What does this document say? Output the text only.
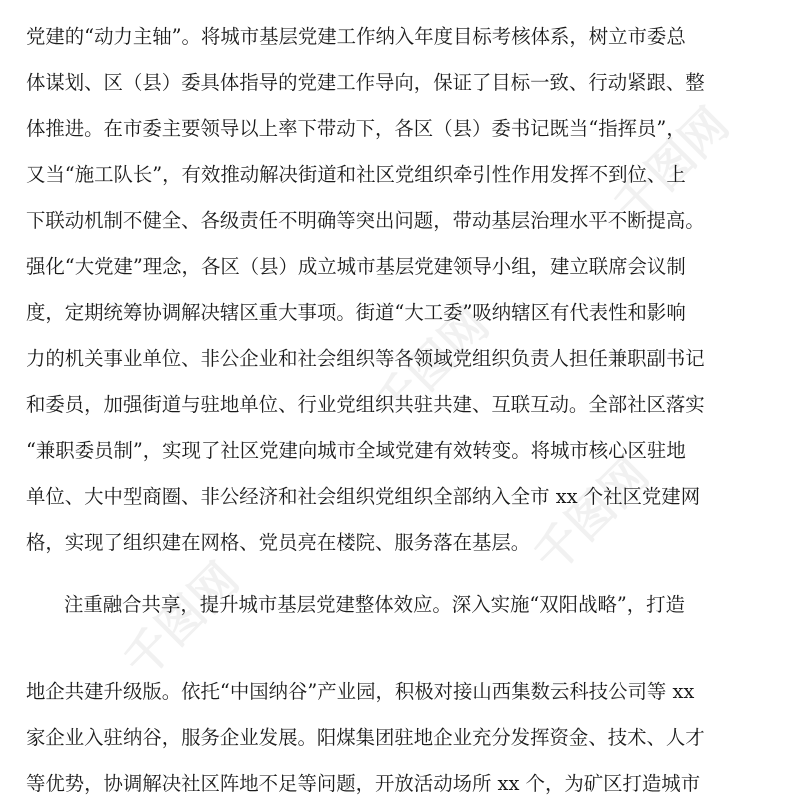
千图网
千图网
千图网
千图网
党建的“动力主轴”。将城市基层党建工作纳入年度目标考核体系，树立市委总
体谋划、区（县）委具体指导的党建工作导向，保证了目标一致、行动紧跟、整
体推进。在市委主要领导以上率下带动下，各区（县）委书记既当“指挥员”，
又当“施工队长”，有效推动解决街道和社区党组织牵引性作用发挥不到位、上
下联动机制不健全、各级责任不明确等突出问题，带动基层治理水平不断提高。
强化“大党建”理念，各区（县）成立城市基层党建领导小组，建立联席会议制
度，定期统筹协调解决辖区重大事项。街道“大工委”吸纳辖区有代表性和影响
力的机关事业单位、非公企业和社会组织等各领域党组织负责人担任兼职副书记
和委员，加强街道与驻地单位、行业党组织共驻共建、互联互动。全部社区落实
“兼职委员制”，实现了社区党建向城市全域党建有效转变。将城市核心区驻地
单位、大中型商圈、非公经济和社会组织党组织全部纳入全市 xx 个社区党建网
格，实现了组织建在网格、党员亮在楼院、服务落在基层。
注重融合共享，提升城市基层党建整体效应。深入实施“双阳战略”，打造
地企共建升级版。依托“中国纳谷”产业园，积极对接山西集数云科技公司等 xx
家企业入驻纳谷，服务企业发展。阳煤集团驻地企业充分发挥资金、技术、人才
等优势，协调解决社区阵地不足等问题，开放活动场所 xx 个，为矿区打造城市
